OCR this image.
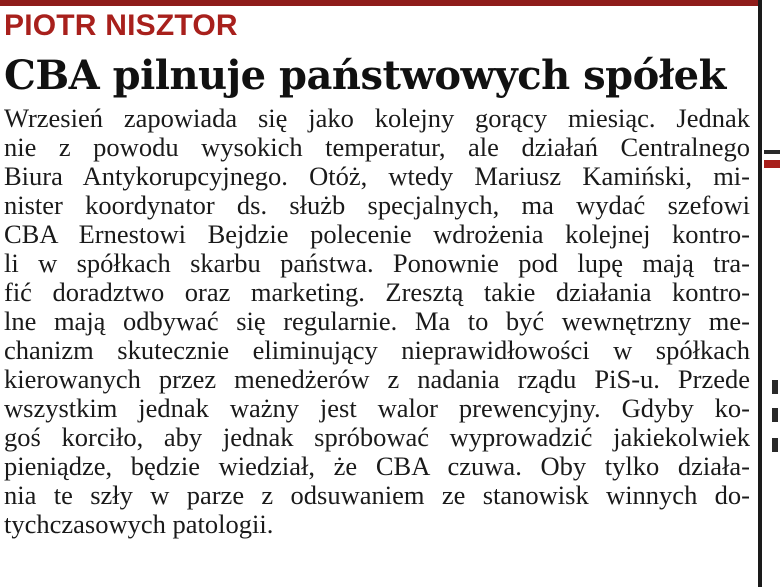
PIOTR NISZTOR
CBA pilnuje państwowych spółek
Wrzesień zapowiada się jako kolejny gorący miesiąc. Jednak
nie z powodu wysokich temperatur, ale działań Centralnego
Biura Antykorupcyjnego. Otóż, wtedy Mariusz Kamiński, mi-
nister koordynator ds. służb specjalnych, ma wydać szefowi
CBA Ernestowi Bejdzie polecenie wdrożenia kolejnej kontro-
li w spółkach skarbu państwa. Ponownie pod lupę mają tra-
fić doradztwo oraz marketing. Zresztą takie działania kontro-
lne mają odbywać się regularnie. Ma to być wewnętrzny me-
chanizm skutecznie eliminujący nieprawidłowości w spółkach
kierowanych przez menedżerów z nadania rządu PiS-u. Przede
wszystkim jednak ważny jest walor prewencyjny. Gdyby ko-
goś korciło, aby jednak spróbować wyprowadzić jakiekolwiek
pieniądze, będzie wiedział, że CBA czuwa. Oby tylko działa-
nia te szły w parze z odsuwaniem ze stanowisk winnych do-
tychczasowych patologii.
